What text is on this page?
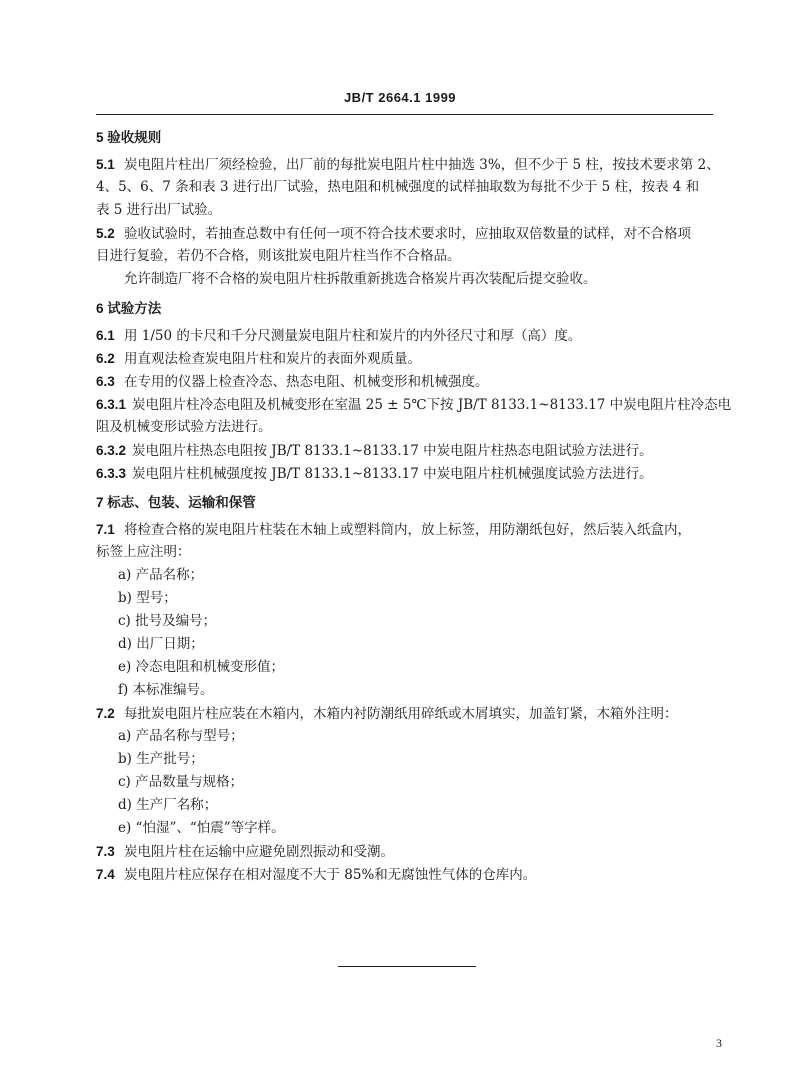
JB/T 2664.1 1999
5 验收规则
5.1 炭电阻片柱出厂须经检验，出厂前的每批炭电阻片柱中抽选 3%，但不少于 5 柱，按技术要求第 2、
4、5、6、7 条和表 3 进行出厂试验，热电阻和机械强度的试样抽取数为每批不少于 5 柱，按表 4 和
表 5 进行出厂试验。
5.2 验收试验时，若抽查总数中有任何一项不符合技术要求时，应抽取双倍数量的试样，对不合格项
目进行复验，若仍不合格，则该批炭电阻片柱当作不合格品。
允许制造厂将不合格的炭电阻片柱拆散重新挑选合格炭片再次装配后提交验收。
6 试验方法
6.1 用 1/50 的卡尺和千分尺测量炭电阻片柱和炭片的内外径尺寸和厚（高）度。
6.2 用直观法检查炭电阻片柱和炭片的表面外观质量。
6.3 在专用的仪器上检查冷态、热态电阻、机械变形和机械强度。
6.3.1 炭电阻片柱冷态电阻及机械变形在室温 25 ± 5℃下按 JB/T 8133.1~8133.17 中炭电阻片柱冷态电
阻及机械变形试验方法进行。
6.3.2 炭电阻片柱热态电阻按 JB/T 8133.1~8133.17 中炭电阻片柱热态电阻试验方法进行。
6.3.3 炭电阻片柱机械强度按 JB/T 8133.1~8133.17 中炭电阻片柱机械强度试验方法进行。
7 标志、包装、运输和保管
7.1 将检查合格的炭电阻片柱装在木轴上或塑料筒内，放上标签，用防潮纸包好，然后装入纸盒内，
标签上应注明：
a) 产品名称；
b) 型号；
c) 批号及编号；
d) 出厂日期；
e) 冷态电阻和机械变形值；
f) 本标准编号。
7.2 每批炭电阻片柱应装在木箱内，木箱内衬防潮纸用碎纸或木屑填实，加盖钉紧，木箱外注明：
a) 产品名称与型号；
b) 生产批号；
c) 产品数量与规格；
d) 生产厂名称；
e) “怕湿”、“怕震”等字样。
7.3 炭电阻片柱在运输中应避免剧烈振动和受潮。
7.4 炭电阻片柱应保存在相对湿度不大于 85%和无腐蚀性气体的仓库内。
3
